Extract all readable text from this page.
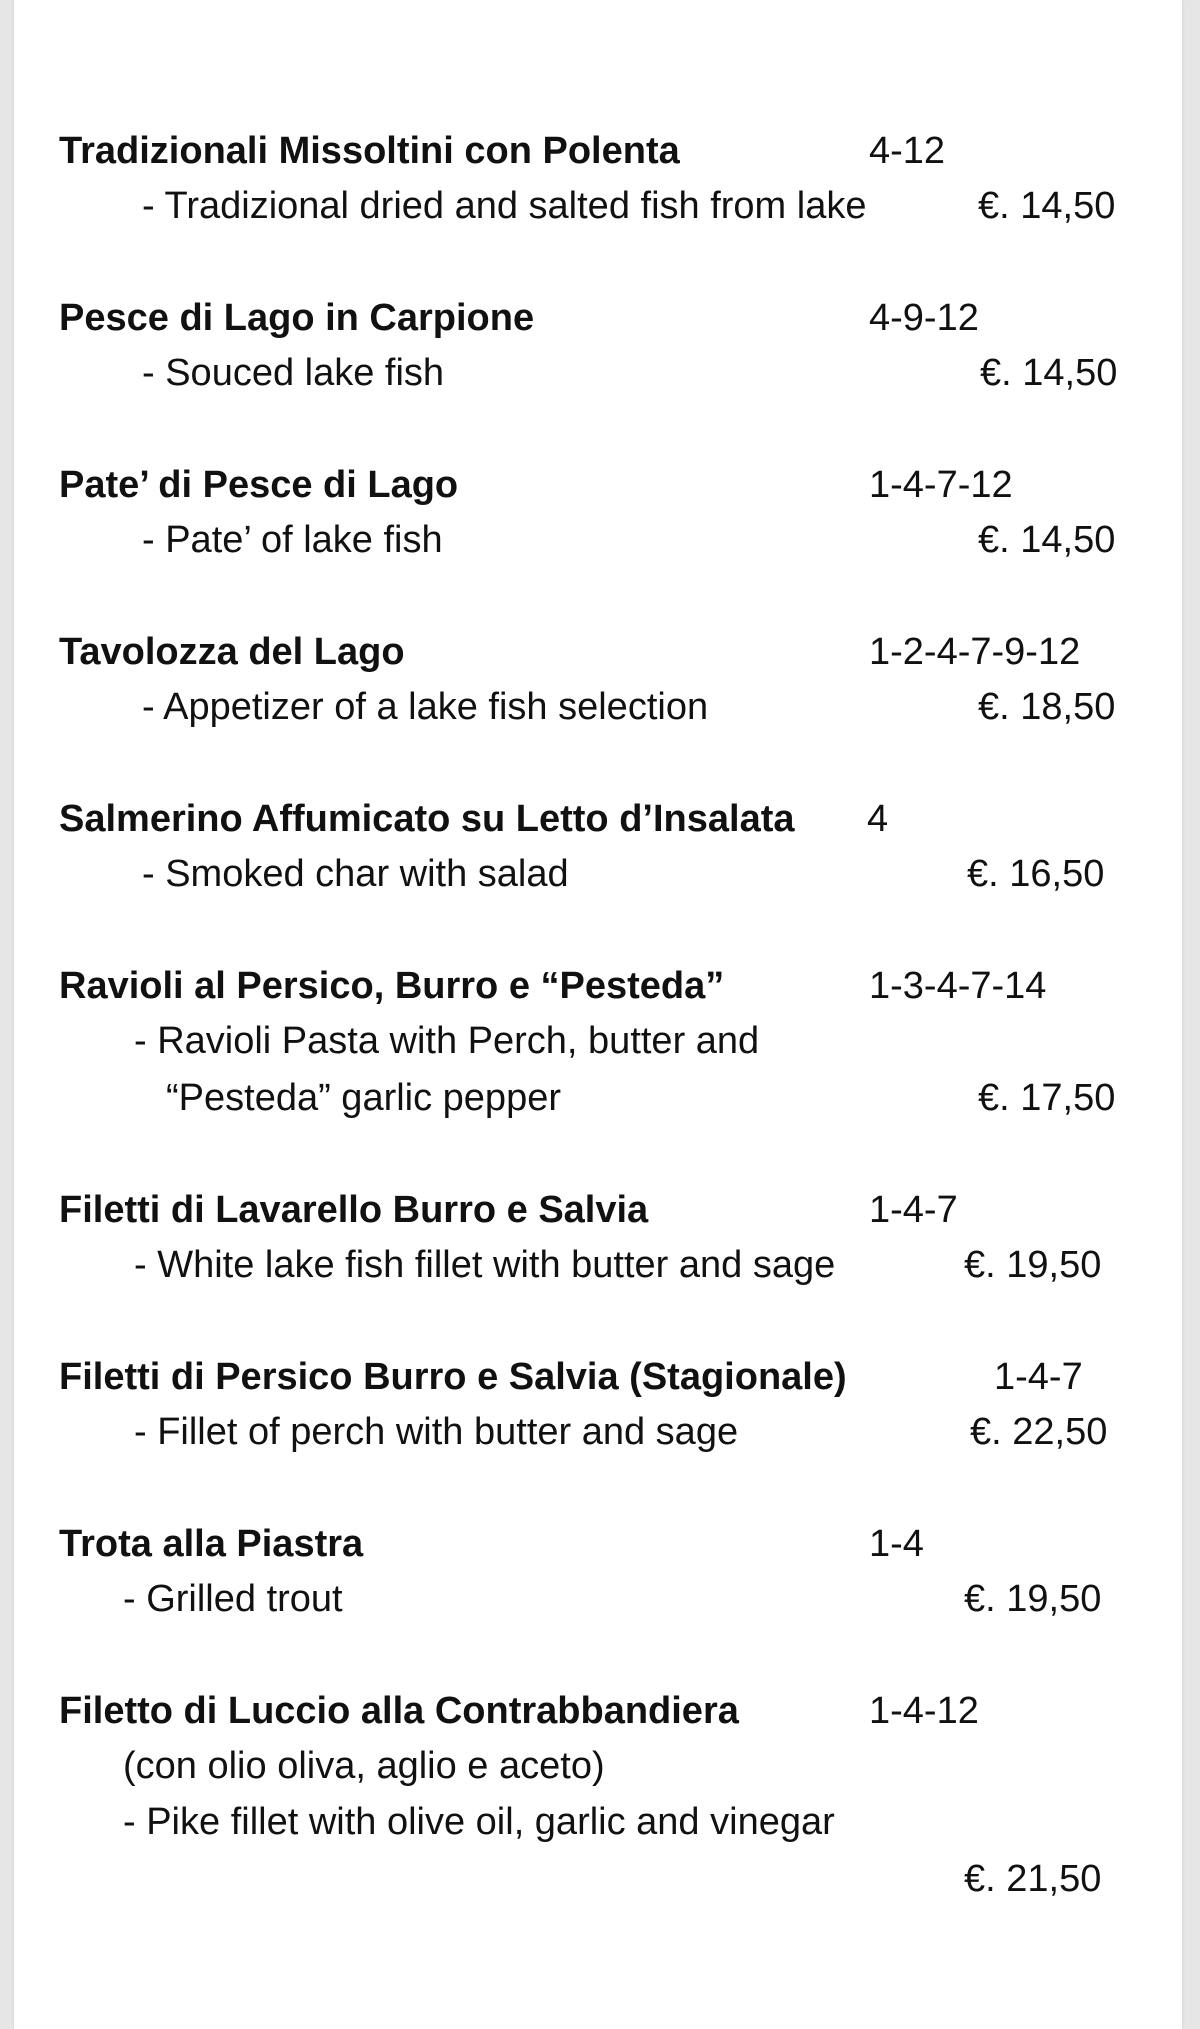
Tradizionali Missoltini con Polenta	4-12
- Tradizional dried and salted fish from lake	€. 14,50
Pesce di Lago in Carpione	4-9-12
- Souced lake fish	€. 14,50
Pate’ di Pesce di Lago	1-4-7-12
- Pate’ of lake fish	€. 14,50
Tavolozza del Lago	1-2-4-7-9-12
- Appetizer of a lake fish selection	€. 18,50
Salmerino Affumicato su Letto d’Insalata 4
- Smoked char with salad	€. 16,50
Ravioli al Persico, Burro e “Pesteda”	1-3-4-7-14
- Ravioli Pasta with Perch, butter and
“Pesteda” garlic pepper	€. 17,50
Filetti di Lavarello Burro e Salvia	1-4-7
- White lake fish fillet with butter and sage	€. 19,50
Filetti di Persico Burro e Salvia (Stagionale)	1-4-7
- Fillet of perch with butter and sage	€. 22,50
Trota alla Piastra	1-4
- Grilled trout	€. 19,50
Filetto di Luccio alla Contrabbandiera	1-4-12
(con olio oliva, aglio e aceto)
- Pike fillet with olive oil, garlic and vinegar
€. 21,50
